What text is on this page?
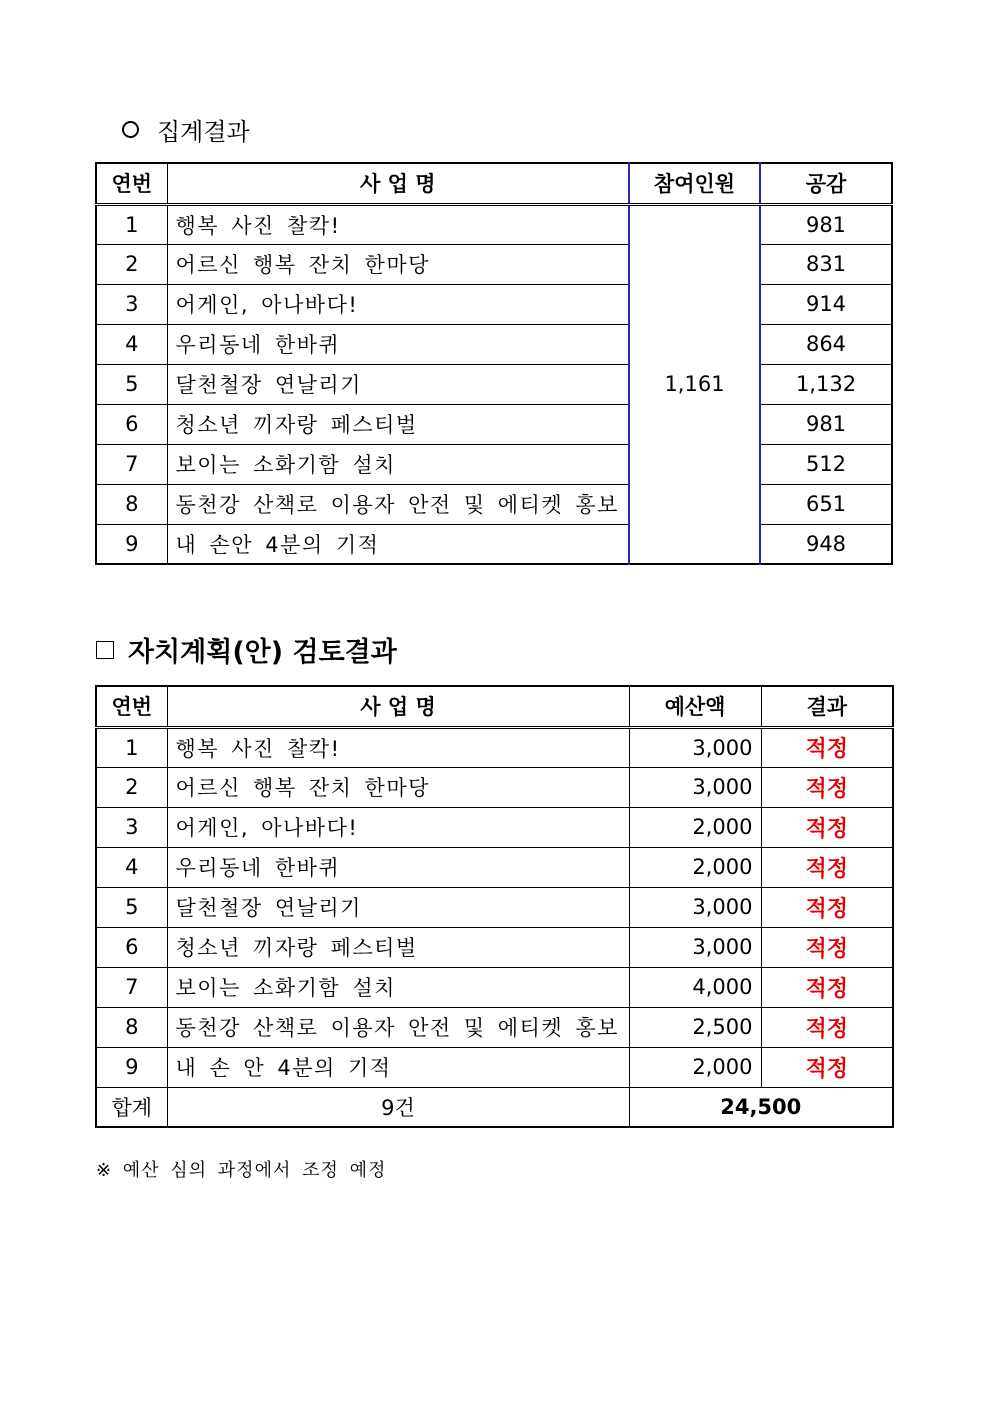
집계결과
연번	사 업 명	참여인원	공감
1	행복 사진 찰칵!	1,161	981
2	어르신 행복 잔치 한마당		831
3	어게인, 아나바다!		914
4	우리동네 한바퀴		864
5	달천철장 연날리기		1,132
6	청소년 끼자랑 페스티벌		981
7	보이는 소화기함 설치		512
8	동천강 산책로 이용자 안전 및 에티켓 홍보		651
9	내 손안 4분의 기적		948
자치계획(안) 검토결과
연번	사 업 명	예산액	결과
1	행복 사진 찰칵!	3,000	적정
2	어르신 행복 잔치 한마당	3,000	적정
3	어게인, 아나바다!	2,000	적정
4	우리동네 한바퀴	2,000	적정
5	달천철장 연날리기	3,000	적정
6	청소년 끼자랑 페스티벌	3,000	적정
7	보이는 소화기함 설치	4,000	적정
8	동천강 산책로 이용자 안전 및 에티켓 홍보	2,500	적정
9	내 손 안 4분의 기적	2,000	적정
합계	9건	24,500	
※ 예산 심의 과정에서 조정 예정
